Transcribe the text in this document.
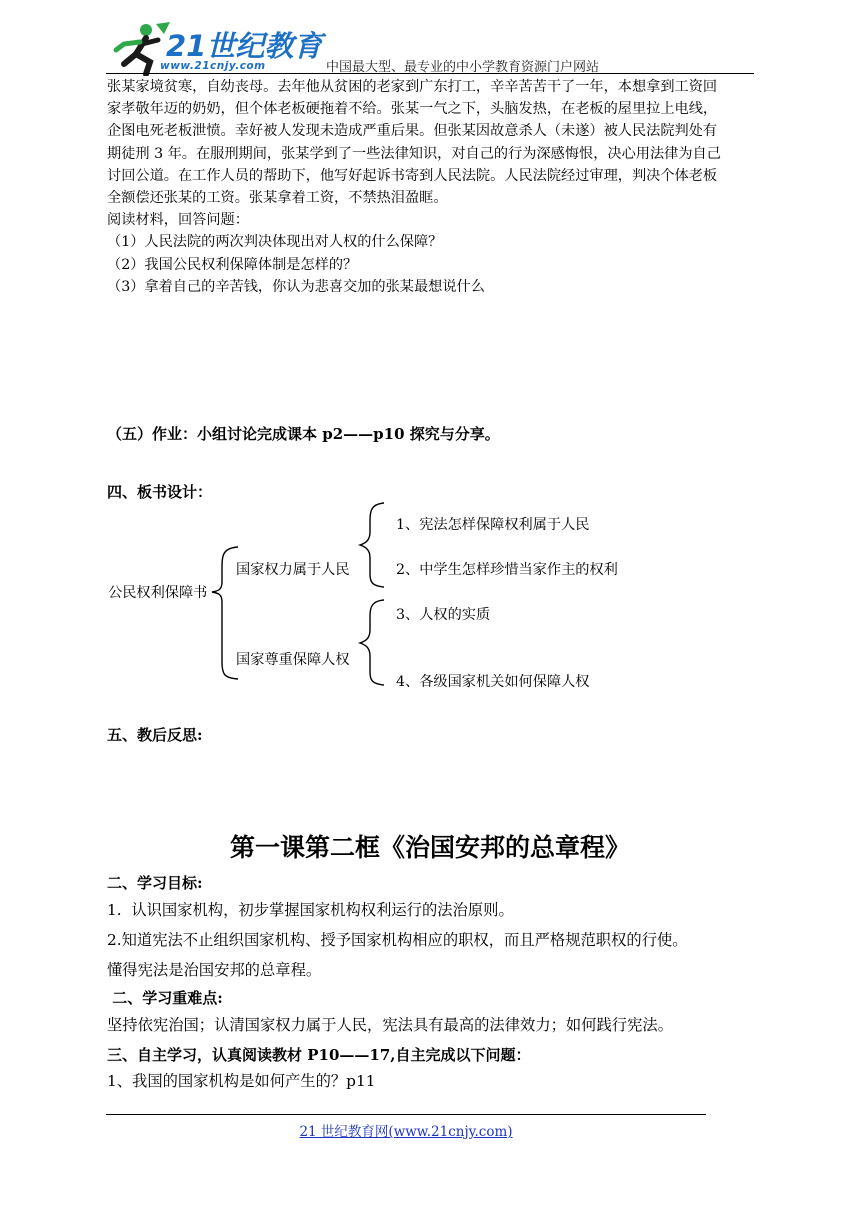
21世纪教育
www.21cnjy.com	中国最大型、最专业的中小学教育资源门户网站

张某家境贫寒，自幼丧母。去年他从贫困的老家到广东打工，辛辛苦苦干了一年，本想拿到工资回

家孝敬年迈的奶奶，但个体老板硬拖着不给。张某一气之下，头脑发热，在老板的屋里拉上电线，

企图电死老板泄愤。幸好被人发现未造成严重后果。但张某因故意杀人（未遂）被人民法院判处有

期徒刑 3 年。在服刑期间，张某学到了一些法律知识，对自己的行为深感悔恨，决心用法律为自己

讨回公道。在工作人员的帮助下，他写好起诉书寄到人民法院。人民法院经过审理，判决个体老板

全额偿还张某的工资。张某拿着工资，不禁热泪盈眶。

阅读材料，回答问题：

（1）人民法院的两次判决体现出对人权的什么保障？

（2）我国公民权利保障体制是怎样的？

（3）拿着自己的辛苦钱，你认为悲喜交加的张某最想说什么

（五）作业：小组讨论完成课本 p2——p10 探究与分享。
四、板书设计：
公民权利保障书
国家权力属于人民
国家尊重保障人权
1、宪法怎样保障权利属于人民
2、中学生怎样珍惜当家作主的权利
3、人权的实质
4、各级国家机关如何保障人权
五、教后反思:
第一课第二框《治国安邦的总章程》
二、学习目标:
1.  认识国家机构，初步掌握国家机构权利运行的法治原则。
2.知道宪法不止组织国家机构、授予国家机构相应的职权，而且严格规范职权的行使。
懂得宪法是治国安邦的总章程。
二、学习重难点:
坚持依宪治国；认清国家权力属于人民，宪法具有最高的法律效力；如何践行宪法。
三、自主学习，认真阅读教材 P10——17,自主完成以下问题：
1、我国的国家机构是如何产生的？p11
21 世纪教育网(www.21cnjy.com)
